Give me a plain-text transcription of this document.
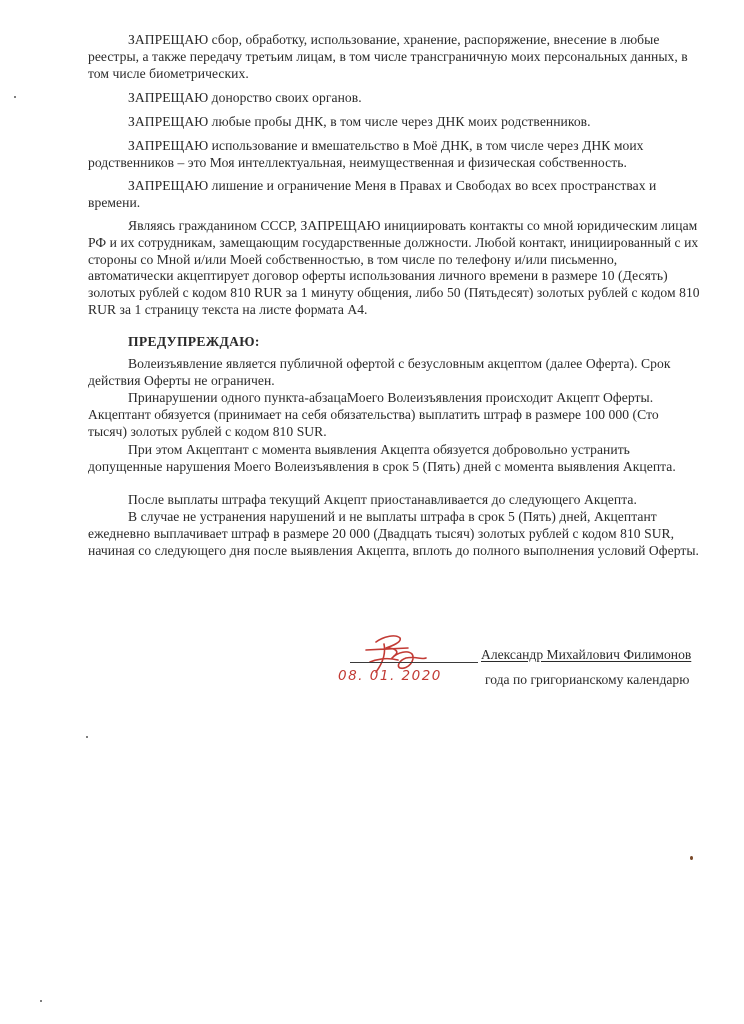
ЗАПРЕЩАЮ сбор, обработку, использование, хранение, распоряжение, внесение в любые реестры, а также передачу третьим лицам, в том числе трансграничную моих персональных данных, в том числе биометрических.

ЗАПРЕЩАЮ донорство своих органов.

ЗАПРЕЩАЮ любые пробы ДНК, в том числе через ДНК моих родственников.

ЗАПРЕЩАЮ использование и вмешательство в Моё ДНК, в том числе через ДНК моих родственников – это Моя интеллектуальная, неимущественная и физическая собственность.

ЗАПРЕЩАЮ лишение и ограничение Меня в Правах и Свободах во всех пространствах и времени.

Являясь гражданином СССР, ЗАПРЕЩАЮ инициировать контакты со мной юридическим лицам РФ и их сотрудникам, замещающим государственные должности. Любой контакт, инициированный с их стороны со Мной и/или Моей собственностью, в том числе по телефону и/или письменно, автоматически акцептирует договор оферты использования личного времени в размере 10 (Десять) золотых рублей с кодом 810 RUR за 1 минуту общения, либо 50 (Пятьдесят) золотых рублей с кодом 810 RUR за 1 страницу текста на листе формата А4.

ПРЕДУПРЕЖДАЮ:

Волеизъявление является публичной офертой с безусловным акцептом (далее Оферта). Срок действия Оферты не ограничен.

Принарушении одного пункта-абзацаМоего Волеизъявления происходит Акцепт Оферты. Акцептант обязуется (принимает на себя обязательства) выплатить штраф в размере 100 000 (Сто тысяч) золотых рублей с кодом 810 SUR.

При этом Акцептант с момента выявления Акцепта обязуется добровольно устранить допущенные нарушения Моего Волеизъявления в срок 5 (Пять) дней с момента выявления Акцепта.

После выплаты штрафа текущий Акцепт приостанавливается до следующего Акцепта.

В случае не устранения нарушений и не выплаты штрафа в срок 5 (Пять) дней, Акцептант ежедневно выплачивает штраф в размере 20 000 (Двадцать тысяч) золотых рублей с кодом 810 SUR, начиная со следующего дня после выявления Акцепта, вплоть до полного выполнения условий Оферты.

Александр Михайлович Филимонов

08. 01. 2020	года по григорианскому календарю
